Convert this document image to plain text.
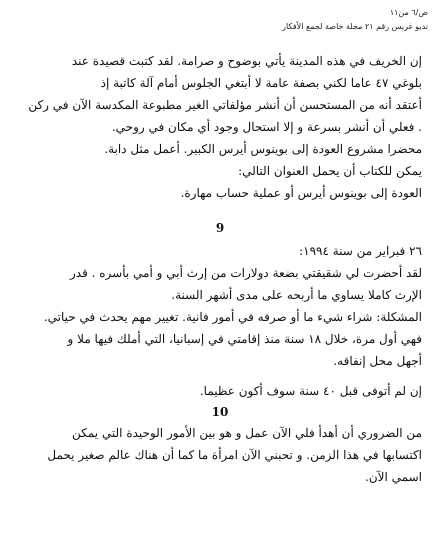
ص/٦ من١١
نديو غريس رقم ٢١ مجلة خاصة لجمع الأفكار
إن الخريف في هذه المدينة يأتي بوضوح و صرامة. لقد كتبت قصيدة عند
بلوغي ٤٧ عاما لكني بصفة عامة لا أبتغي الجلوس أمام آلة كاتبة إذ
أعتقد أنه من المستحسن أن أنشر مؤلفاتي الغير مطبوعة المكدسة الآن في ركن
. فعلي أن أنشر بسرعة و إلا استحال وجود أي مكان في روحي.
محضرا مشروع العودة إلى بوينوس أيرس الكبير. أعمل مثل دابة.
يمكن للكتاب أن يحمل العنوان التالي:
العودة إلى بوينوس أيرس أو عملية حساب مهارة.
9
٢٦ فبراير من سنة ١٩٩٤:
لقد أحضرت لي شقيقتي بضعة دولارات من إرث أبي و أمي بأسره . قدر
الإرث كاملا يساوي ما أربحه على مدى أشهر السنة.
المشكلة: شراء شيء ما أو صرفه في أمور فانية. تغيير مهم يحدث في حياتي.
فهي أول مرة، خلال ١٨ سنة منذ إقامتي في إسبانيا، التي أملك فيها ملا و
أجهل محل إنفاقه.
إن لم أتوفى قبل ٤٠ سنة سوف أكون عظيما.
10
من الضروري أن أهدأ فلي الآن عمل و هو بين الأمور الوحيدة التي يمكن
اكتسابها في هذا الزمن. و تحبني الآن امرأة ما كما أن هناك عالم صغير يحمل
اسمي الآن.
